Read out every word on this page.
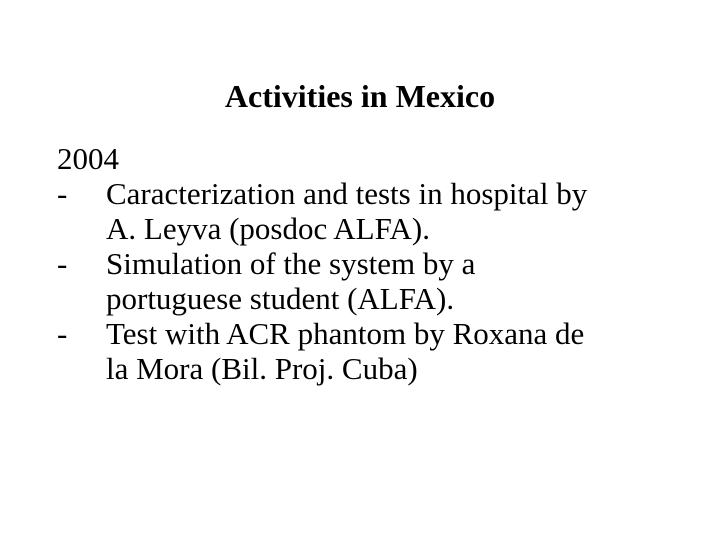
Activities in Mexico

2004

-	Caracterization and tests in hospital by
A. Leyva (posdoc ALFA).
-	Simulation of the system by a
portuguese student (ALFA).
-	Test with ACR phantom by Roxana de
la Mora (Bil. Proj. Cuba)
